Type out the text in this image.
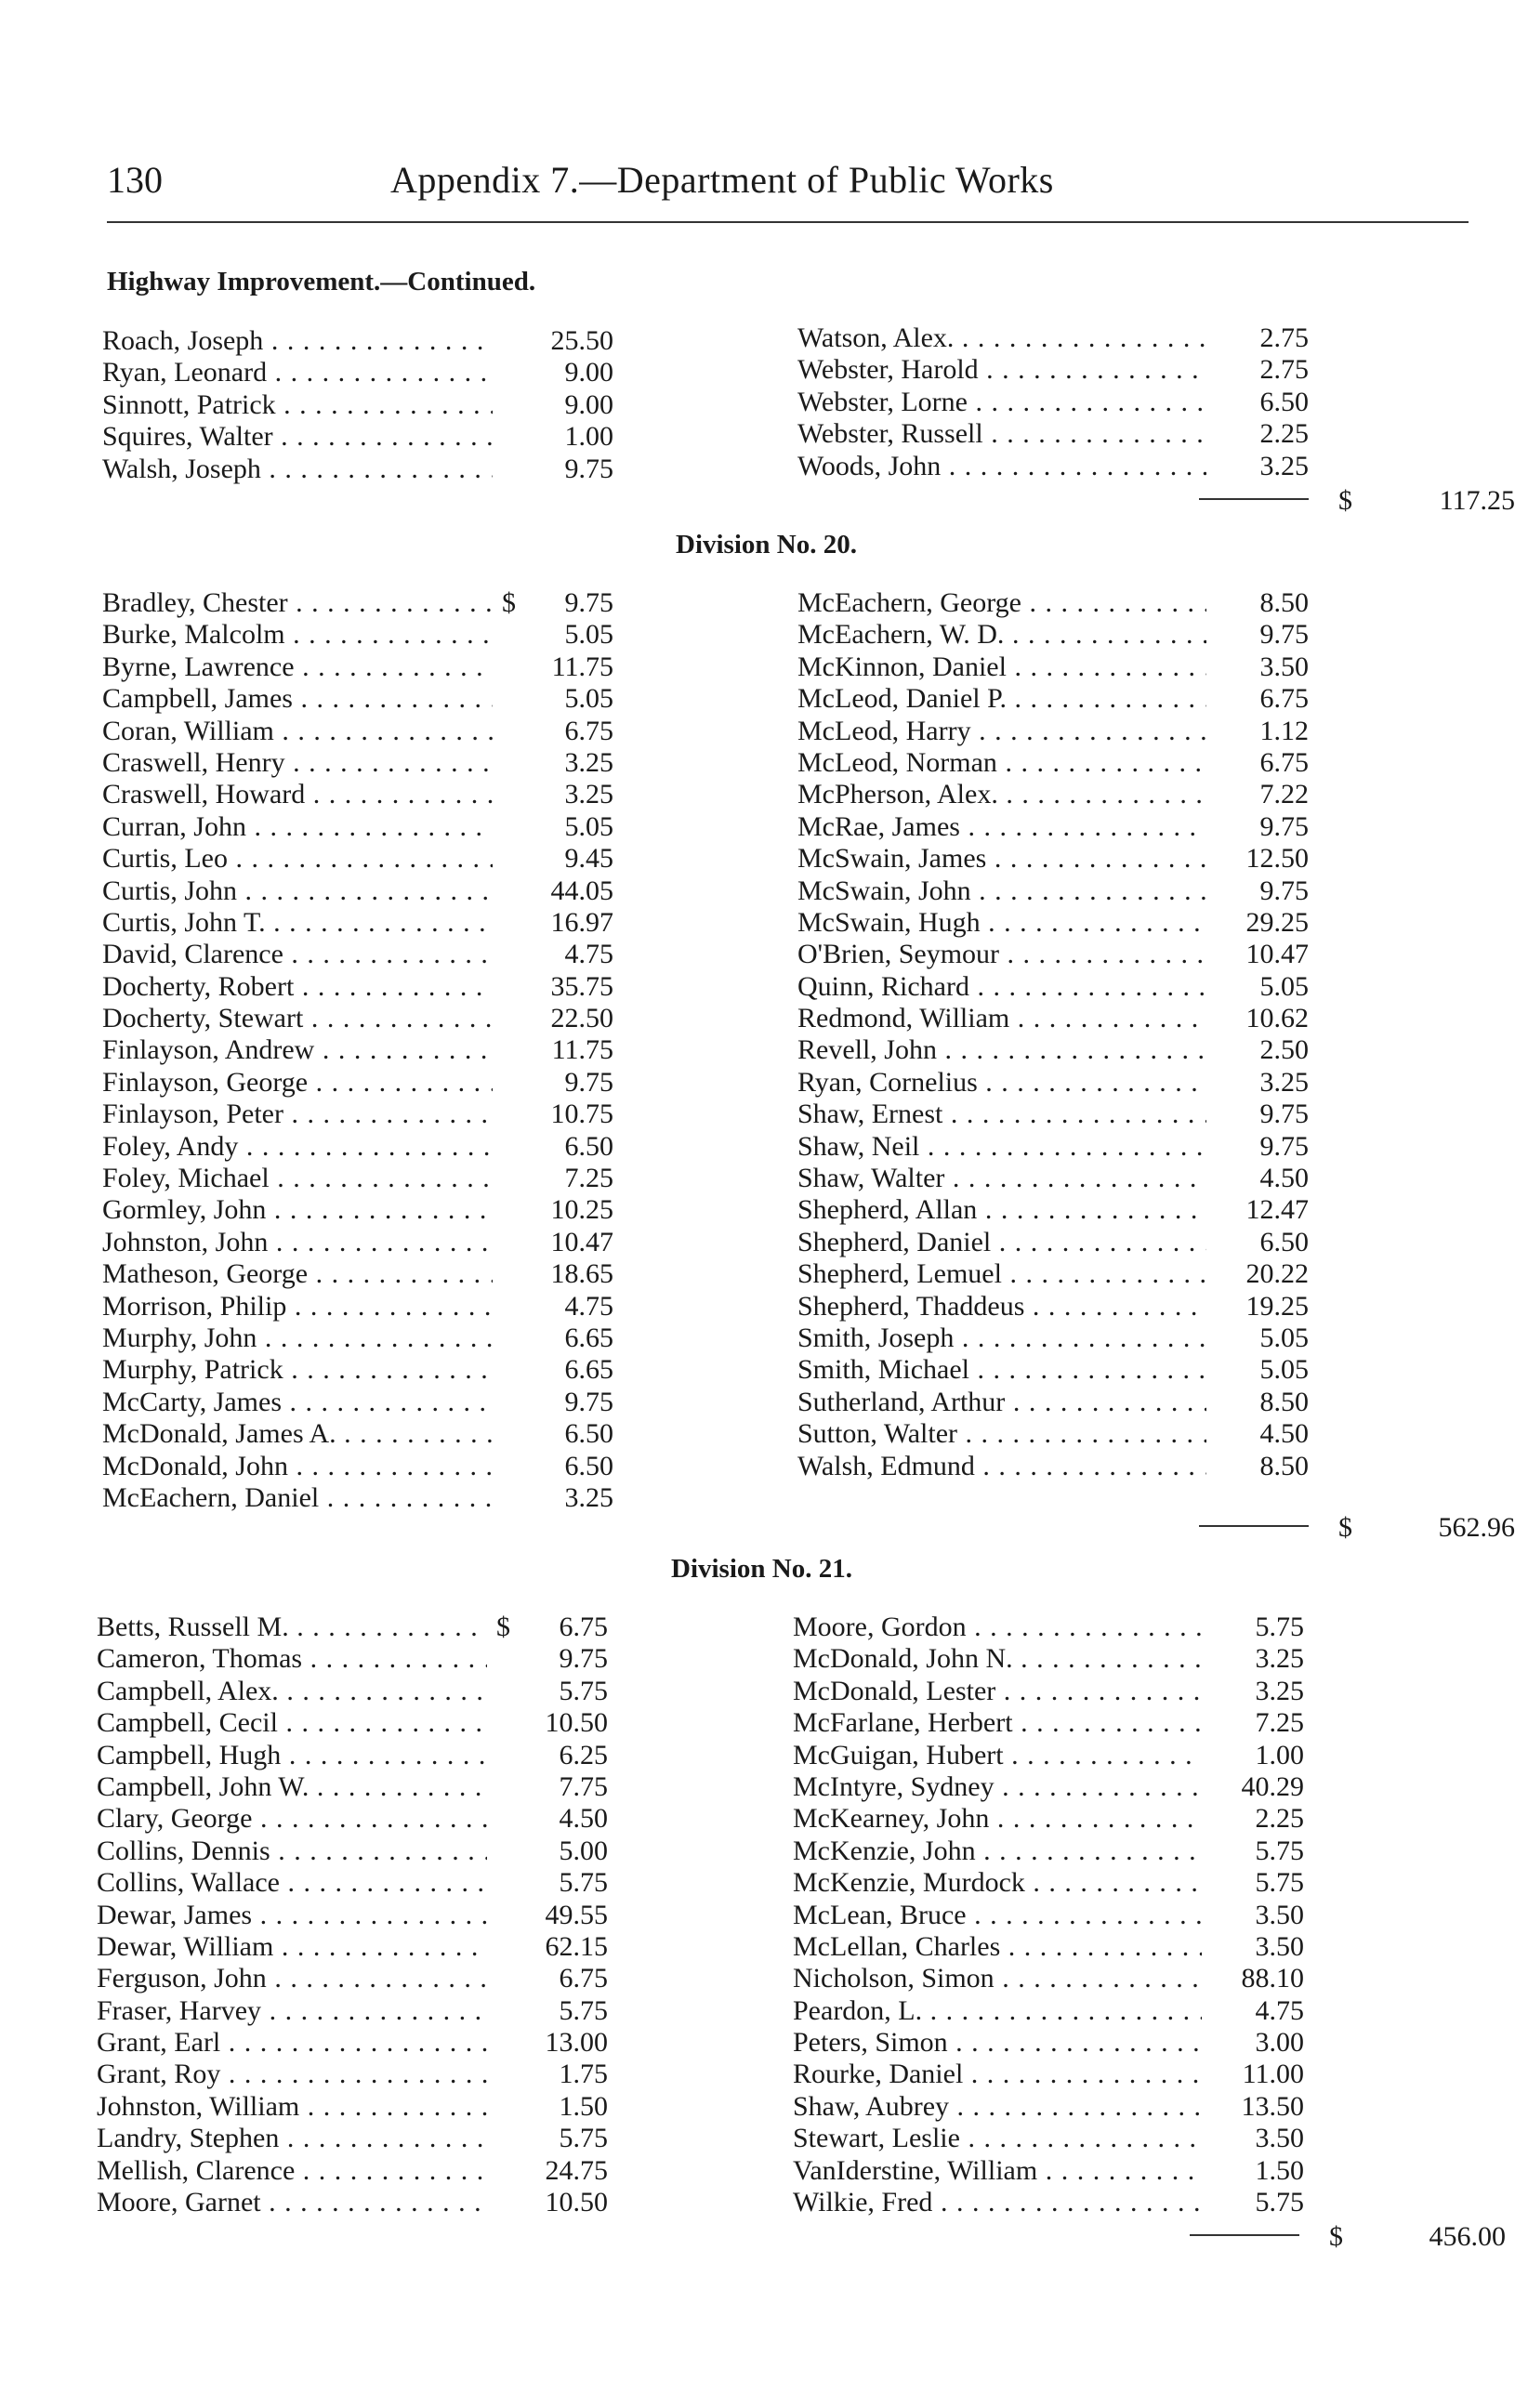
130	Appendix 7.—Department of Public Works
Highway Improvement.—Continued.
Roach, Joseph . . .	25.50
Ryan, Leonard . . .	9.00
Sinnott, Patrick . . .	9.00
Squires, Walter . . .	1.00
Walsh, Joseph . . .	9.75
Watson, Alex. . . .	2.75
Webster, Harold . . .	2.75
Webster, Lorne . . .	6.50
Webster, Russell . . .	2.25
Woods, John . . .	3.25
$	117.25
Division No. 20.
Bradley, Chester . . .	$	9.75
Burke, Malcolm . . .	5.05
Byrne, Lawrence . . .	11.75
Campbell, James . . .	5.05
Coran, William . . .	6.75
Craswell, Henry . . .	3.25
Craswell, Howard . . .	3.25
Curran, John . . .	5.05
Curtis, Leo . . .	9.45
Curtis, John . . .	44.05
Curtis, John T. . . .	16.97
David, Clarence . . .	4.75
Docherty, Robert . . .	35.75
Docherty, Stewart . . .	22.50
Finlayson, Andrew . . .	11.75
Finlayson, George . . .	9.75
Finlayson, Peter . . .	10.75
Foley, Andy . . .	6.50
Foley, Michael . . .	7.25
Gormley, John . . .	10.25
Johnston, John . . .	10.47
Matheson, George . . .	18.65
Morrison, Philip . . .	4.75
Murphy, John . . .	6.65
Murphy, Patrick . . .	6.65
McCarty, James . . .	9.75
McDonald, James A. . . .	6.50
McDonald, John . . .	6.50
McEachern, Daniel . . .	3.25
McEachern, George . . .	8.50
McEachern, W. D. . . .	9.75
McKinnon, Daniel . . .	3.50
McLeod, Daniel P. . . .	6.75
McLeod, Harry . . .	1.12
McLeod, Norman . . .	6.75
McPherson, Alex. . . .	7.22
McRae, James . . .	9.75
McSwain, James . . .	12.50
McSwain, John . . .	9.75
McSwain, Hugh . . .	29.25
O'Brien, Seymour . . .	10.47
Quinn, Richard . . .	5.05
Redmond, William . . .	10.62
Revell, John . . .	2.50
Ryan, Cornelius . . .	3.25
Shaw, Ernest . . .	9.75
Shaw, Neil . . .	9.75
Shaw, Walter . . .	4.50
Shepherd, Allan . . .	12.47
Shepherd, Daniel . . .	6.50
Shepherd, Lemuel . . .	20.22
Shepherd, Thaddeus . . .	19.25
Smith, Joseph . . .	5.05
Smith, Michael . . .	5.05
Sutherland, Arthur . . .	8.50
Sutton, Walter . . .	4.50
Walsh, Edmund . . .	8.50
$	562.96
Division No. 21.
Betts, Russell M. . . .	$	6.75
Cameron, Thomas . . .	9.75
Campbell, Alex. . . .	5.75
Campbell, Cecil . . .	10.50
Campbell, Hugh . . .	6.25
Campbell, John W. . . .	7.75
Clary, George . . .	4.50
Collins, Dennis . . .	5.00
Collins, Wallace . . .	5.75
Dewar, James . . .	49.55
Dewar, William . . .	62.15
Ferguson, John . . .	6.75
Fraser, Harvey . . .	5.75
Grant, Earl . . .	13.00
Grant, Roy . . .	1.75
Johnston, William . . .	1.50
Landry, Stephen . . .	5.75
Mellish, Clarence . . .	24.75
Moore, Garnet . . .	10.50
Moore, Gordon . . .	5.75
McDonald, John N. . . .	3.25
McDonald, Lester . . .	3.25
McFarlane, Herbert . . .	7.25
McGuigan, Hubert . . .	1.00
McIntyre, Sydney . . .	40.29
McKearney, John . . .	2.25
McKenzie, John . . .	5.75
McKenzie, Murdock . . .	5.75
McLean, Bruce . . .	3.50
McLellan, Charles . . .	3.50
Nicholson, Simon . . .	88.10
Peardon, L. . . .	4.75
Peters, Simon . . .	3.00
Rourke, Daniel . . .	11.00
Shaw, Aubrey . . .	13.50
Stewart, Leslie . . .	3.50
VanIderstine, William . . .	1.50
Wilkie, Fred . . .	5.75
$	456.00
